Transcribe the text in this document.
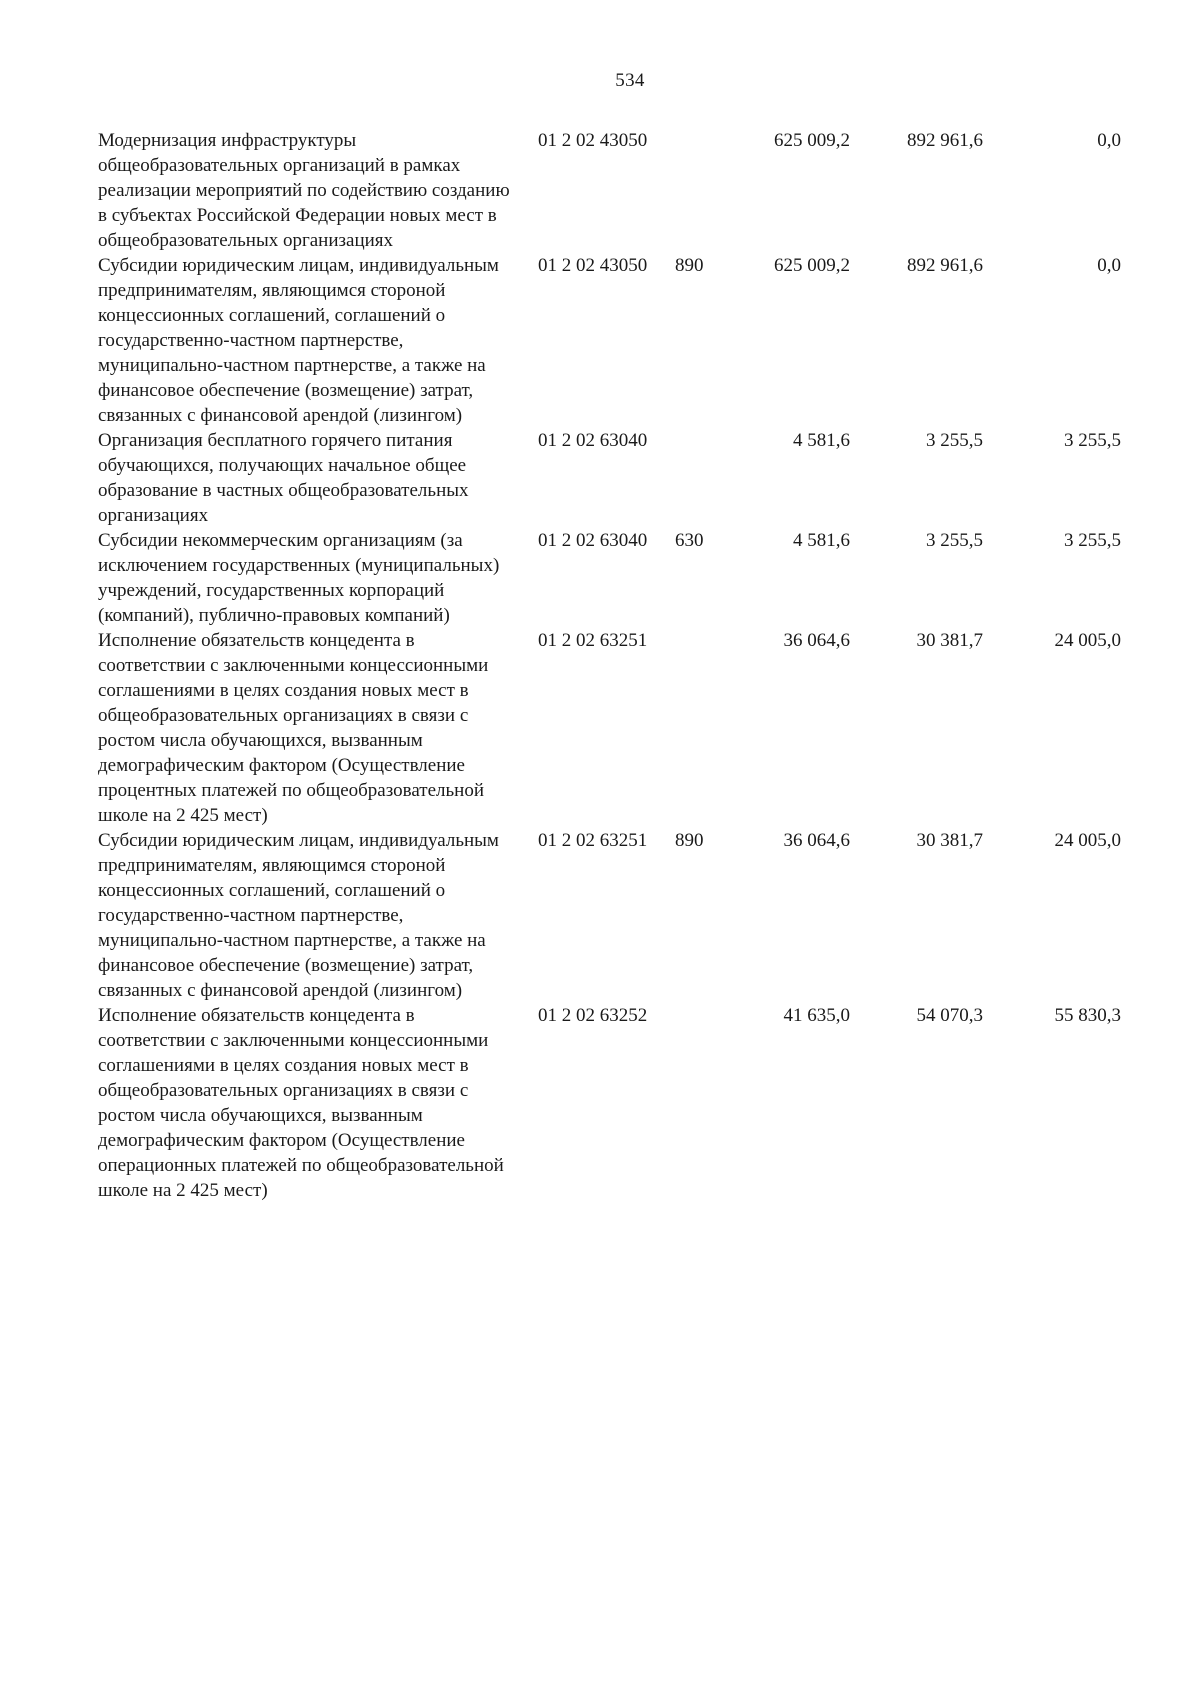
534
Модернизация инфраструктуры общеобразовательных организаций в рамках реализации мероприятий по содействию созданию в субъектах Российской Федерации новых мест в общеобразовательных организациях	01 2 02 43050		625 009,2	892 961,6	0,0
Субсидии юридическим лицам, индивидуальным предпринимателям, являющимся стороной концессионных соглашений, соглашений о государственно-частном партнерстве, муниципально-частном партнерстве, а также на финансовое обеспечение (возмещение) затрат, связанных с финансовой арендой (лизингом)	01 2 02 43050	890	625 009,2	892 961,6	0,0
Организация бесплатного горячего питания обучающихся, получающих начальное общее образование в частных общеобразовательных организациях	01 2 02 63040		4 581,6	3 255,5	3 255,5
Субсидии некоммерческим организациям (за исключением государственных (муниципальных) учреждений, государственных корпораций (компаний), публично-правовых компаний)	01 2 02 63040	630	4 581,6	3 255,5	3 255,5
Исполнение обязательств концедента в соответствии с заключенными концессионными соглашениями в целях создания новых мест в общеобразовательных организациях в связи с ростом числа обучающихся, вызванным демографическим фактором (Осуществление процентных платежей по общеобразовательной школе на 2 425 мест)	01 2 02 63251		36 064,6	30 381,7	24 005,0
Субсидии юридическим лицам, индивидуальным предпринимателям, являющимся стороной концессионных соглашений, соглашений о государственно-частном партнерстве, муниципально-частном партнерстве, а также на финансовое обеспечение (возмещение) затрат, связанных с финансовой арендой (лизингом)	01 2 02 63251	890	36 064,6	30 381,7	24 005,0
Исполнение обязательств концедента в соответствии с заключенными концессионными соглашениями в целях создания новых мест в общеобразовательных организациях в связи с ростом числа обучающихся, вызванным демографическим фактором (Осуществление операционных платежей по общеобразовательной школе на 2 425 мест)	01 2 02 63252		41 635,0	54 070,3	55 830,3
